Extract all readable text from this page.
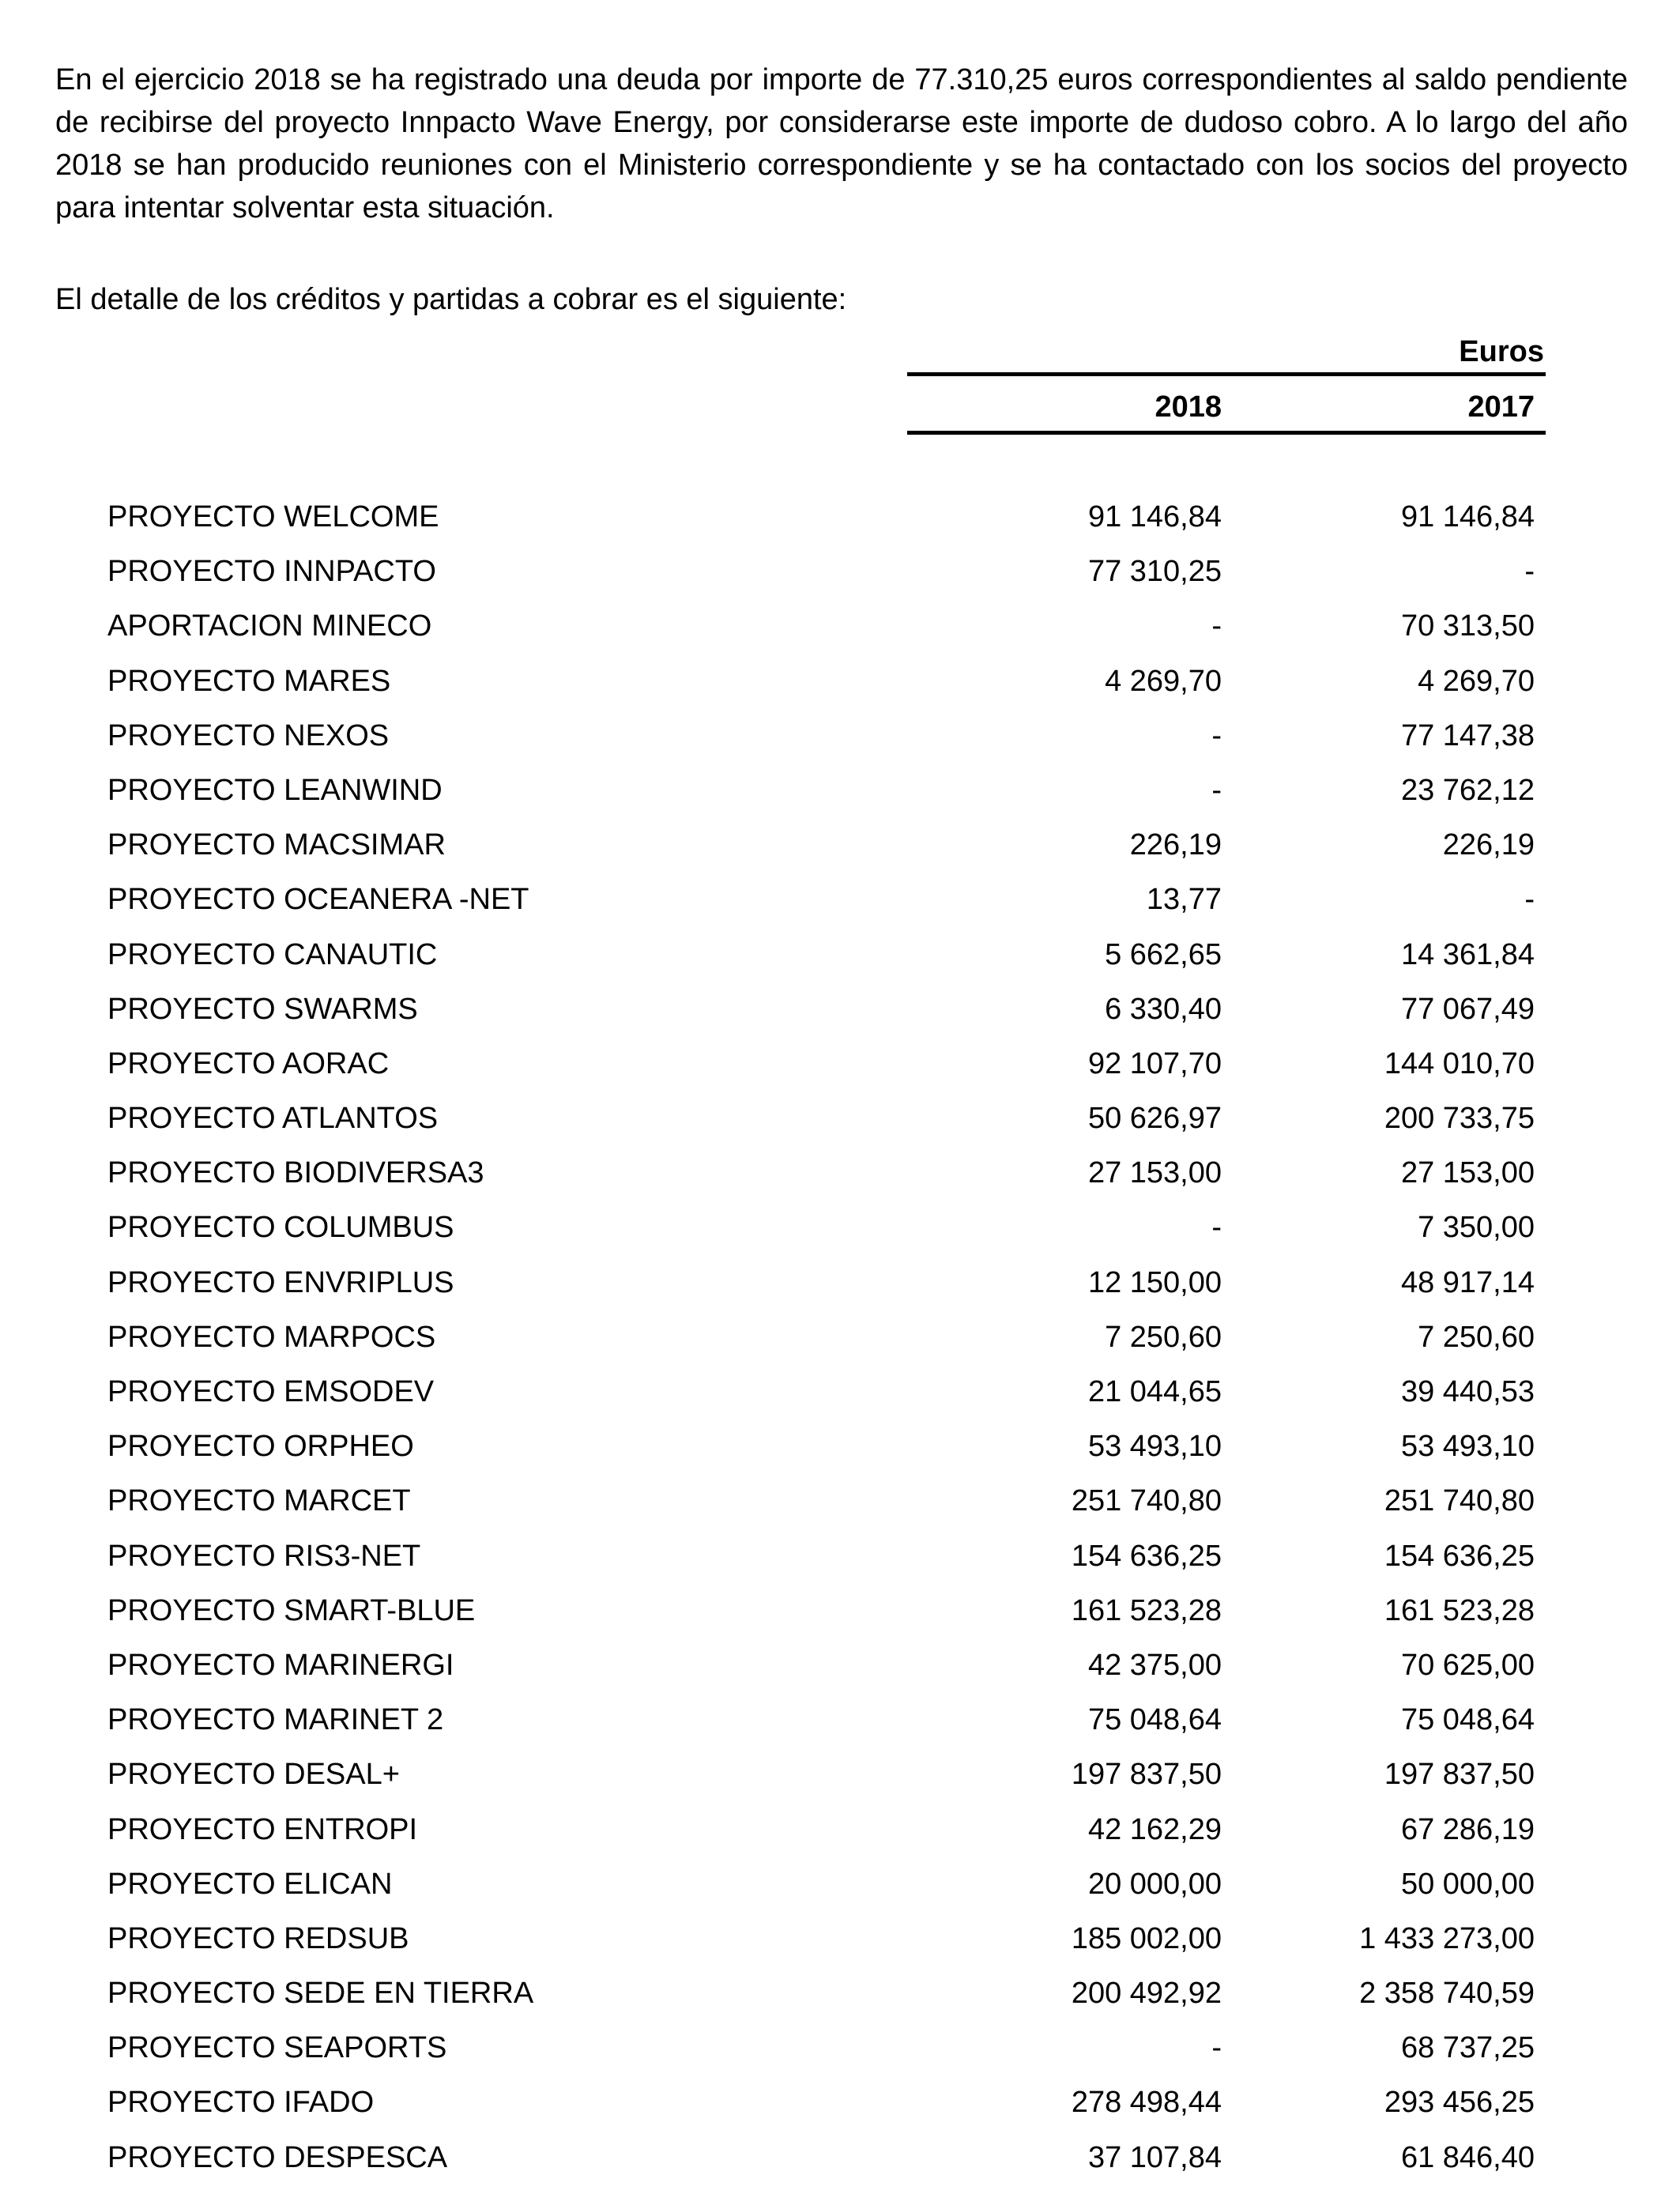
En el ejercicio 2018 se ha registrado una deuda por importe de 77.310,25 euros correspondientes al saldo pendiente de recibirse del proyecto Innpacto Wave Energy, por considerarse este importe de dudoso cobro. A lo largo del año 2018 se han producido reuniones con el Ministerio correspondiente y se ha contactado con los socios del proyecto para intentar solventar esta situación.

El detalle de los créditos y partidas a cobrar es el siguiente:

Euros
2018	2017
PROYECTO WELCOME	91 146,84	91 146,84
PROYECTO INNPACTO	77 310,25	-
APORTACION MINECO	-	70 313,50
PROYECTO MARES	4 269,70	4 269,70
PROYECTO NEXOS	-	77 147,38
PROYECTO LEANWIND	-	23 762,12
PROYECTO MACSIMAR	226,19	226,19
PROYECTO OCEANERA -NET	13,77	-
PROYECTO CANAUTIC	5 662,65	14 361,84
PROYECTO SWARMS	6 330,40	77 067,49
PROYECTO AORAC	92 107,70	144 010,70
PROYECTO ATLANTOS	50 626,97	200 733,75
PROYECTO BIODIVERSA3	27 153,00	27 153,00
PROYECTO COLUMBUS	-	7 350,00
PROYECTO ENVRIPLUS	12 150,00	48 917,14
PROYECTO MARPOCS	7 250,60	7 250,60
PROYECTO EMSODEV	21 044,65	39 440,53
PROYECTO ORPHEO	53 493,10	53 493,10
PROYECTO MARCET	251 740,80	251 740,80
PROYECTO RIS3-NET	154 636,25	154 636,25
PROYECTO SMART-BLUE	161 523,28	161 523,28
PROYECTO MARINERGI	42 375,00	70 625,00
PROYECTO MARINET 2	75 048,64	75 048,64
PROYECTO DESAL+	197 837,50	197 837,50
PROYECTO ENTROPI	42 162,29	67 286,19
PROYECTO ELICAN	20 000,00	50 000,00
PROYECTO REDSUB	185 002,00	1 433 273,00
PROYECTO SEDE EN TIERRA	200 492,92	2 358 740,59
PROYECTO SEAPORTS	-	68 737,25
PROYECTO IFADO	278 498,44	293 456,25
PROYECTO DESPESCA	37 107,84	61 846,40
